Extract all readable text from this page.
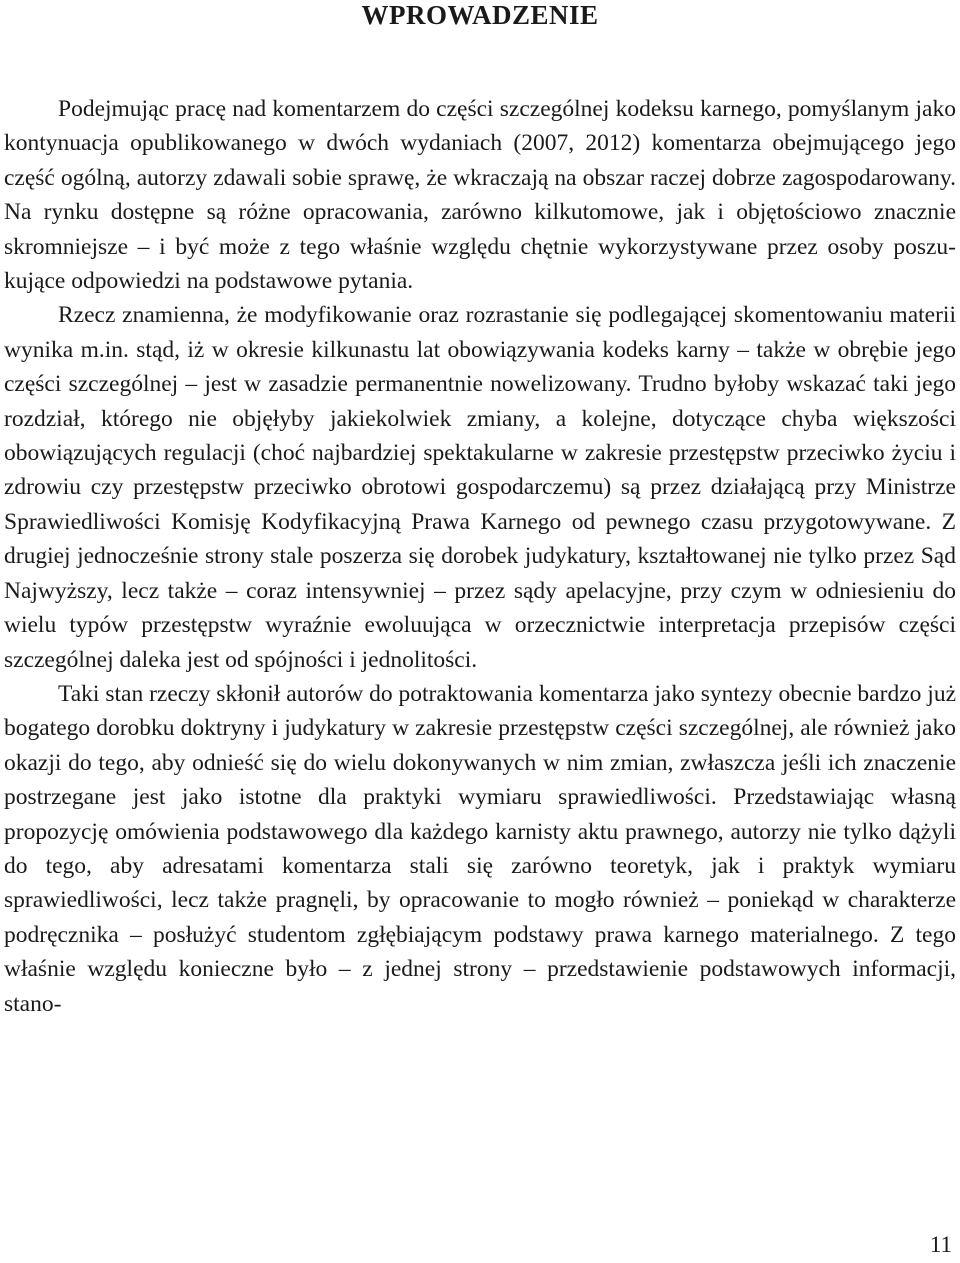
WPROWADZENIE

Podejmując pracę nad komentarzem do części szczególnej kodeksu karnego, pomyślanym jako kontynuacja opublikowanego w dwóch wydaniach (2007, 2012) komentarza obejmującego jego część ogólną, autorzy zdawali sobie sprawę, że wkraczają na obszar raczej dobrze zagospodarowany. Na rynku dostępne są różne opracowania, zarówno kilkutomowe, jak i objętościowo znacznie skromniejsze – i być może z tego właśnie względu chętnie wykorzystywane przez osoby poszukujące odpowiedzi na podstawowe pytania.

Rzecz znamienna, że modyfikowanie oraz rozrastanie się podlegającej skomentowaniu materii wynika m.in. stąd, iż w okresie kilkunastu lat obowiązywania kodeks karny – także w obrębie jego części szczególnej – jest w zasadzie permanentnie nowelizowany. Trudno byłoby wskazać taki jego rozdział, którego nie objęłyby jakiekolwiek zmiany, a kolejne, dotyczące chyba większości obowiązujących regulacji (choć najbardziej spektakularne w zakresie przestępstw przeciwko życiu i zdrowiu czy przestępstw przeciwko obrotowi gospodarczemu) są przez działającą przy Ministrze Sprawiedliwości Komisję Kodyfikacyjną Prawa Karnego od pewnego czasu przygotowywane. Z drugiej jednocześnie strony stale poszerza się dorobek judykatury, kształtowanej nie tylko przez Sąd Najwyższy, lecz także – coraz intensywniej – przez sądy apelacyjne, przy czym w odniesieniu do wielu typów przestępstw wyraźnie ewoluująca w orzecznictwie interpretacja przepisów części szczególnej daleka jest od spójności i jednolitości.

Taki stan rzeczy skłonił autorów do potraktowania komentarza jako syntezy obecnie bardzo już bogatego dorobku doktryny i judykatury w zakresie przestępstw części szczególnej, ale również jako okazji do tego, aby odnieść się do wielu dokonywanych w nim zmian, zwłaszcza jeśli ich znaczenie postrzegane jest jako istotne dla praktyki wymiaru sprawiedliwości. Przedstawiając własną propozycję omówienia podstawowego dla każdego karnisty aktu prawnego, autorzy nie tylko dążyli do tego, aby adresatami komentarza stali się zarówno teoretyk, jak i praktyk wymiaru sprawiedliwości, lecz także pragnęli, by opracowanie to mogło również – poniekąd w charakterze podręcznika – posłużyć studentom zgłębiającym podstawy prawa karnego materialnego. Z tego właśnie względu konieczne było – z jednej strony – przedstawienie podstawowych informacji, stano-

11
